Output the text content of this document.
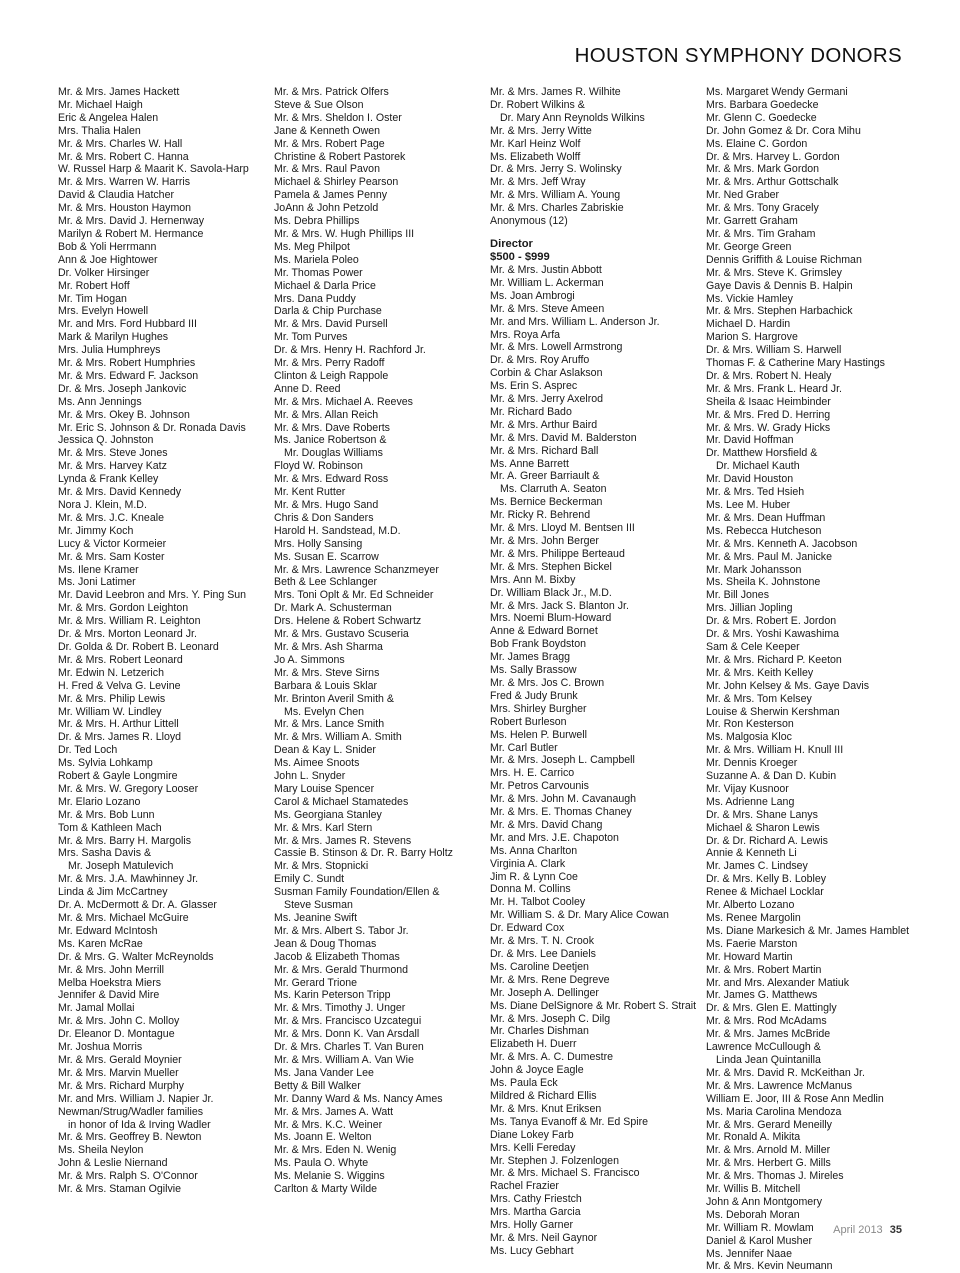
HOUSTON SYMPHONY DONORS
Mr. & Mrs. James Hackett
Mr. Michael Haigh
Eric & Angelea Halen
Mrs. Thalia Halen
Mr. & Mrs. Charles W. Hall
Mr. & Mrs. Robert C. Hanna
W. Russel Harp & Maarit K. Savola-Harp
Mr. & Mrs. Warren W. Harris
David & Claudia Hatcher
Mr. & Mrs. Houston Haymon
Mr. & Mrs. David J. Hernenway
Marilyn & Robert M. Hermance
Bob & Yoli Herrmann
Ann & Joe Hightower
Dr. Volker Hirsinger
Mr. Robert Hoff
Mr. Tim Hogan
Mrs. Evelyn Howell
Mr. and Mrs. Ford Hubbard III
Mark & Marilyn Hughes
Mrs. Julia Humphreys
Mr. & Mrs. Robert Humphries
Mr. & Mrs. Edward F. Jackson
Dr. & Mrs. Joseph Jankovic
Ms. Ann Jennings
Mr. & Mrs. Okey B. Johnson
Mr. Eric S. Johnson & Dr. Ronada Davis
Jessica Q. Johnston
Mr. & Mrs. Steve Jones
Mr. & Mrs. Harvey Katz
Lynda & Frank Kelley
Mr. & Mrs. David Kennedy
Nora J. Klein, M.D.
Mr. & Mrs. J.C. Kneale
Mr. Jimmy Koch
Lucy & Victor Kormeier
Mr. & Mrs. Sam Koster
Ms. Ilene Kramer
Ms. Joni Latimer
Mr. David Leebron and Mrs. Y. Ping Sun
Mr. & Mrs. Gordon Leighton
Mr. & Mrs. William R. Leighton
Dr. & Mrs. Morton Leonard Jr.
Dr. Golda & Dr. Robert B. Leonard
Mr. & Mrs. Robert Leonard
Mr. Edwin N. Letzerich
H. Fred & Velva G. Levine
Mr. & Mrs. Philip Lewis
Mr. William W. Lindley
Mr. & Mrs. H. Arthur Littell
Dr. & Mrs. James R. Lloyd
Dr. Ted Loch
Ms. Sylvia Lohkamp
Robert & Gayle Longmire
Mr. & Mrs. W. Gregory Looser
Mr. Elario Lozano
Mr. & Mrs. Bob Lunn
Tom & Kathleen Mach
Mr. & Mrs. Barry H. Margolis
Mrs. Sasha Davis &
Mr. Joseph Matulevich
Mr. & Mrs. J.A. Mawhinney Jr.
Linda & Jim McCartney
Dr. A. McDermott & Dr. A. Glasser
Mr. & Mrs. Michael McGuire
Mr. Edward McIntosh
Ms. Karen McRae
Dr. & Mrs. G. Walter McReynolds
Mr. & Mrs. John Merrill
Melba Hoekstra Miers
Jennifer & David Mire
Mr. Jamal Mollai
Mr. & Mrs. John C. Molloy
Dr. Eleanor D. Montague
Mr. Joshua Morris
Mr. & Mrs. Gerald Moynier
Mr. & Mrs. Marvin Mueller
Mr. & Mrs. Richard Murphy
Mr. and Mrs. William J. Napier Jr.
Newman/Strug/Wadler families
in honor of Ida & Irving Wadler
Mr. & Mrs. Geoffrey B. Newton
Ms. Sheila Neylon
John & Leslie Niernand
Mr. & Mrs. Ralph S. O'Connor
Mr. & Mrs. Staman Ogilvie
Mr. & Mrs. Patrick Olfers
Steve & Sue Olson
Mr. & Mrs. Sheldon I. Oster
Jane & Kenneth Owen
Mr. & Mrs. Robert Page
Christine & Robert Pastorek
Mr. & Mrs. Raul Pavon
Michael & Shirley Pearson
Pamela & James Penny
JoAnn & John Petzold
Ms. Debra Phillips
Mr. & Mrs. W. Hugh Phillips III
Ms. Meg Philpot
Ms. Mariela Poleo
Mr. Thomas Power
Michael & Darla Price
Mrs. Dana Puddy
Darla & Chip Purchase
Mr. & Mrs. David Pursell
Mr. Tom Purves
Dr. & Mrs. Henry H. Rachford Jr.
Mr. & Mrs. Perry Radoff
Clinton & Leigh Rappole
Anne D. Reed
Mr. & Mrs. Michael A. Reeves
Mr. & Mrs. Allan Reich
Mr. & Mrs. Dave Roberts
Ms. Janice Robertson &
Mr. Douglas Williams
Floyd W. Robinson
Mr. & Mrs. Edward Ross
Mr. Kent Rutter
Mr. & Mrs. Hugo Sand
Chris & Don Sanders
Harold H. Sandstead, M.D.
Mrs. Holly Sansing
Ms. Susan E. Scarrow
Mr. & Mrs. Lawrence Schanzmeyer
Beth & Lee Schlanger
Mrs. Toni Oplt & Mr. Ed Schneider
Dr. Mark A. Schusterman
Drs. Helene & Robert Schwartz
Mr. & Mrs. Gustavo Scuseria
Mr. & Mrs. Ash Sharma
Jo A. Simmons
Mr. & Mrs. Steve Sirns
Barbara & Louis Sklar
Mr. Brinton Averil Smith &
Ms. Evelyn Chen
Mr. & Mrs. Lance Smith
Mr. & Mrs. William A. Smith
Dean & Kay L. Snider
Ms. Aimee Snoots
John L. Snyder
Mary Louise Spencer
Carol & Michael Stamatedes
Ms. Georgiana Stanley
Mr. & Mrs. Karl Stern
Mr. & Mrs. James R. Stevens
Cassie B. Stinson & Dr. R. Barry Holtz
Mr. & Mrs. Stopnicki
Emily C. Sundt
Susman Family Foundation/Ellen &
Steve Susman
Ms. Jeanine Swift
Mr. & Mrs. Albert S. Tabor Jr.
Jean & Doug Thomas
Jacob & Elizabeth Thomas
Mr. & Mrs. Gerald Thurmond
Mr. Gerard Trione
Ms. Karin Peterson Tripp
Mr. & Mrs. Timothy J. Unger
Mr. & Mrs. Francisco Uzcategui
Mr. & Mrs. Donn K. Van Arsdall
Dr. & Mrs. Charles T. Van Buren
Mr. & Mrs. William A. Van Wie
Ms. Jana Vander Lee
Betty & Bill Walker
Mr. Danny Ward & Ms. Nancy Ames
Mr. & Mrs. James A. Watt
Mr. & Mrs. K.C. Weiner
Ms. Joann E. Welton
Mr. & Mrs. Eden N. Wenig
Ms. Paula O. Whyte
Ms. Melanie S. Wiggins
Carlton & Marty Wilde
Mr. & Mrs. James R. Wilhite
Dr. Robert Wilkins &
Dr. Mary Ann Reynolds Wilkins
Mr. & Mrs. Jerry Witte
Mr. Karl Heinz Wolf
Ms. Elizabeth Wolff
Dr. & Mrs. Jerry S. Wolinsky
Mr. & Mrs. Jeff Wray
Mr. & Mrs. William A. Young
Mr. & Mrs. Charles Zabriskie
Anonymous (12)
Director
$500 - $999
Mr. & Mrs. Justin Abbott
Mr. William L. Ackerman
Ms. Joan Ambrogi
Mr. & Mrs. Steve Ameen
Mr. and Mrs. William L. Anderson Jr.
Mrs. Roya Arfa
Mr. & Mrs. Lowell Armstrong
Dr. & Mrs. Roy Aruffo
Corbin & Char Aslakson
Ms. Erin S. Asprec
Mr. & Mrs. Jerry Axelrod
Mr. Richard Bado
Mr. & Mrs. Arthur Baird
Mr. & Mrs. David M. Balderston
Mr. & Mrs. Richard Ball
Ms. Anne Barrett
Mr. A. Greer Barriault &
Ms. Clarruth A. Seaton
Ms. Bernice Beckerman
Mr. Ricky R. Behrend
Mr. & Mrs. Lloyd M. Bentsen III
Mr. & Mrs. John Berger
Mr. & Mrs. Philippe Berteaud
Mr. & Mrs. Stephen Bickel
Mrs. Ann M. Bixby
Dr. William Black Jr., M.D.
Mr. & Mrs. Jack S. Blanton Jr.
Mrs. Noemi Blum-Howard
Anne & Edward Bornet
Bob Frank Boydston
Mr. James Bragg
Ms. Sally Brassow
Mr. & Mrs. Jos C. Brown
Fred & Judy Brunk
Mrs. Shirley Burgher
Robert Burleson
Ms. Helen P. Burwell
Mr. Carl Butler
Mr. & Mrs. Joseph L. Campbell
Mrs. H. E. Carrico
Mr. Petros Carvounis
Mr. & Mrs. John M. Cavanaugh
Mr. & Mrs. E. Thomas Chaney
Mr. & Mrs. David Chang
Mr. and Mrs. J.E. Chapoton
Ms. Anna Charlton
Virginia A. Clark
Jim R. & Lynn Coe
Donna M. Collins
Mr. H. Talbot Cooley
Mr. William S. & Dr. Mary Alice Cowan
Dr. Edward Cox
Mr. & Mrs. T. N. Crook
Dr. & Mrs. Lee Daniels
Ms. Caroline Deetjen
Mr. & Mrs. Rene Degreve
Mr. Joseph A. Dellinger
Ms. Diane DelSignore & Mr. Robert S. Strait
Mr. & Mrs. Joseph C. Dilg
Mr. Charles Dishman
Elizabeth H. Duerr
Mr. & Mrs. A. C. Dumestre
John & Joyce Eagle
Ms. Paula Eck
Mildred & Richard Ellis
Mr. & Mrs. Knut Eriksen
Ms. Tanya Evanoff & Mr. Ed Spire
Diane Lokey Farb
Mrs. Kelli Fereday
Mr. Stephen J. Folzenlogen
Mr. & Mrs. Michael S. Francisco
Rachel Frazier
Mrs. Cathy Friestch
Mrs. Martha Garcia
Mrs. Holly Garner
Mr. & Mrs. Neil Gaynor
Ms. Lucy Gebhart
Ms. Margaret Wendy Germani
Mrs. Barbara Goedecke
Mr. Glenn C. Goedecke
Dr. John Gomez & Dr. Cora Mihu
Ms. Elaine C. Gordon
Dr. & Mrs. Harvey L. Gordon
Mr. & Mrs. Mark Gordon
Mr. & Mrs. Arthur Gottschalk
Mr. Ned Graber
Mr. & Mrs. Tony Gracely
Mr. Garrett Graham
Mr. & Mrs. Tim Graham
Mr. George Green
Dennis Griffith & Louise Richman
Mr. & Mrs. Steve K. Grimsley
Gaye Davis & Dennis B. Halpin
Ms. Vickie Hamley
Mr. & Mrs. Stephen Harbachick
Michael D. Hardin
Marion S. Hargrove
Dr. & Mrs. William S. Harwell
Thomas F. & Catherine Mary Hastings
Dr. & Mrs. Robert N. Healy
Mr. & Mrs. Frank L. Heard Jr.
Sheila & Isaac Heimbinder
Mr. & Mrs. Fred D. Herring
Mr. & Mrs. W. Grady Hicks
Mr. David Hoffman
Dr. Matthew Horsfield &
Dr. Michael Kauth
Mr. David Houston
Mr. & Mrs. Ted Hsieh
Ms. Lee M. Huber
Mr. & Mrs. Dean Huffman
Ms. Rebecca Hutcheson
Mr. & Mrs. Kenneth A. Jacobson
Mr. & Mrs. Paul M. Janicke
Mr. Mark Johansson
Ms. Sheila K. Johnstone
Mr. Bill Jones
Mrs. Jillian Jopling
Dr. & Mrs. Robert E. Jordon
Dr. & Mrs. Yoshi Kawashima
Sam & Cele Keeper
Mr. & Mrs. Richard P. Keeton
Mr. & Mrs. Keith Kelley
Mr. John Kelsey & Ms. Gaye Davis
Mr. & Mrs. Tom Kelsey
Louise & Sherwin Kershman
Mr. Ron Kesterson
Ms. Malgosia Kloc
Mr. & Mrs. William H. Knull III
Mr. Dennis Kroeger
Suzanne A. & Dan D. Kubin
Mr. Vijay Kusnoor
Ms. Adrienne Lang
Dr. & Mrs. Shane Lanys
Michael & Sharon Lewis
Dr. & Dr. Richard A. Lewis
Annie & Kenneth Li
Mr. James C. Lindsey
Dr. & Mrs. Kelly B. Lobley
Renee & Michael Locklar
Mr. Alberto Lozano
Ms. Renee Margolin
Ms. Diane Markesich & Mr. James Hamblet
Ms. Faerie Marston
Mr. Howard Martin
Mr. & Mrs. Robert Martin
Mr. and Mrs. Alexander Matiuk
Mr. James G. Matthews
Dr. & Mrs. Glen E. Mattingly
Mr. & Mrs. Rod McAdams
Mr. & Mrs. James McBride
Lawrence McCullough &
Linda Jean Quintanilla
Mr. & Mrs. David R. McKeithan Jr.
Mr. & Mrs. Lawrence McManus
William E. Joor, III & Rose Ann Medlin
Ms. Maria Carolina Mendoza
Mr. & Mrs. Gerard Meneilly
Mr. Ronald A. Mikita
Mr. & Mrs. Arnold M. Miller
Mr. & Mrs. Herbert G. Mills
Mr. & Mrs. Thomas J. Mireles
Mr. Willis B. Mitchell
John & Ann Montgomery
Ms. Deborah Moran
Mr. William R. Mowlam
Daniel & Karol Musher
Ms. Jennifer Naae
Mr. & Mrs. Kevin Neumann
April 2013 35
